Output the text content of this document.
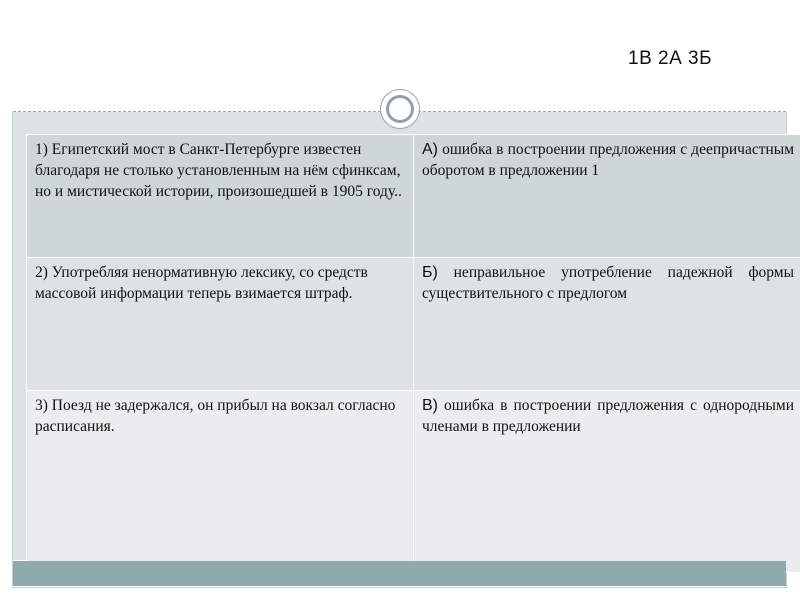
1В 2А 3Б
1) Египетский мост в Санкт-Петербурге известен благодаря не столько установленным на нём сфинксам, но и мистической истории, произошедшей в 1905 году..	А) ошибка в построении предложения с деепричастным оборотом в предложении 1
2) Употребляя ненормативную лексику, со средств массовой информации теперь взимается штраф.	Б) неправильное употребление падежной формы существительного с предлогом
3) Поезд не задержался, он прибыл на вокзал согласно расписания.	В) ошибка в построении предложения с однородными членами в предложении
